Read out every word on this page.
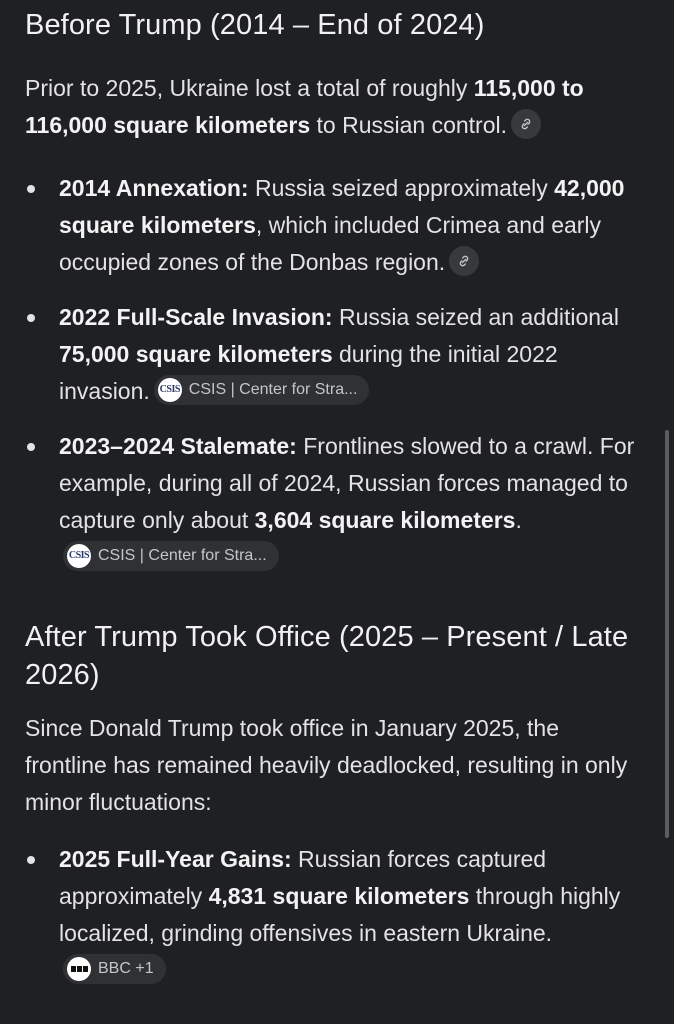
Before Trump (2014 – End of 2024)

Prior to 2025, Ukraine lost a total of roughly 115,000 to 116,000 square kilometers to Russian control.

2014 Annexation: Russia seized approximately 42,000 square kilometers, which included Crimea and early occupied zones of the Donbas region.
2022 Full-Scale Invasion: Russia seized an additional 75,000 square kilometers during the initial 2022 invasion. CSIS CSIS | Center for Stra...
2023–2024 Stalemate: Frontlines slowed to a crawl. For example, during all of 2024, Russian forces managed to capture only about 3,604 square kilometers.
CSIS CSIS | Center for Stra...
After Trump Took Office (2025 – Present / Late 2026)

Since Donald Trump took office in January 2025, the frontline has remained heavily deadlocked, resulting in only minor fluctuations:

2025 Full-Year Gains: Russian forces captured approximately 4,831 square kilometers through highly localized, grinding offensives in eastern Ukraine.
BBC +1
